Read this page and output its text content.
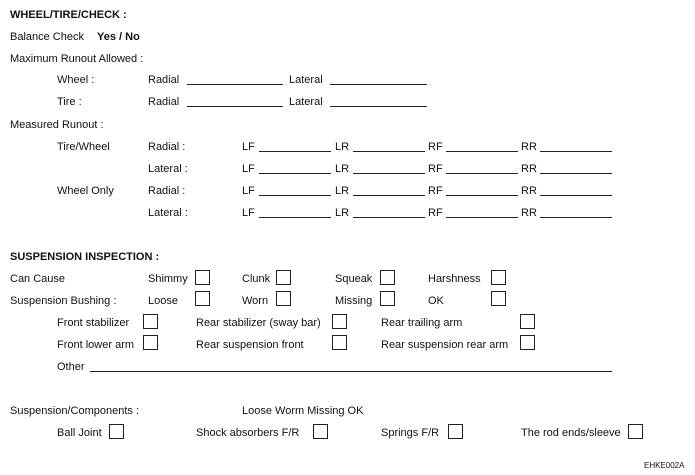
WHEEL/TIRE/CHECK :
Balance Check Yes / No
Maximum Runout Allowed :
Wheel :	Radial	Lateral
Tire :	Radial	Lateral
Measured Runout :
Tire/Wheel	Radial :	LF	LR	RF	RR
Lateral :	LF	LR	RF	RR
Wheel Only	Radial :	LF	LR	RF	RR
Lateral :	LF	LR	RF	RR
SUSPENSION INSPECTION :
Can Cause	Shimmy	Clunk	Squeak	Harshness
Suspension Bushing :	Loose	Worn	Missing	OK
Front stabilizer	Rear stabilizer (sway bar)	Rear trailing arm
Front lower arm	Rear suspension front	Rear suspension rear arm
Other
Suspension/Components :	Loose Worm Missing OK
Ball Joint	Shock absorbers F/R	Springs F/R	The rod ends/sleeve
EHKE002A
